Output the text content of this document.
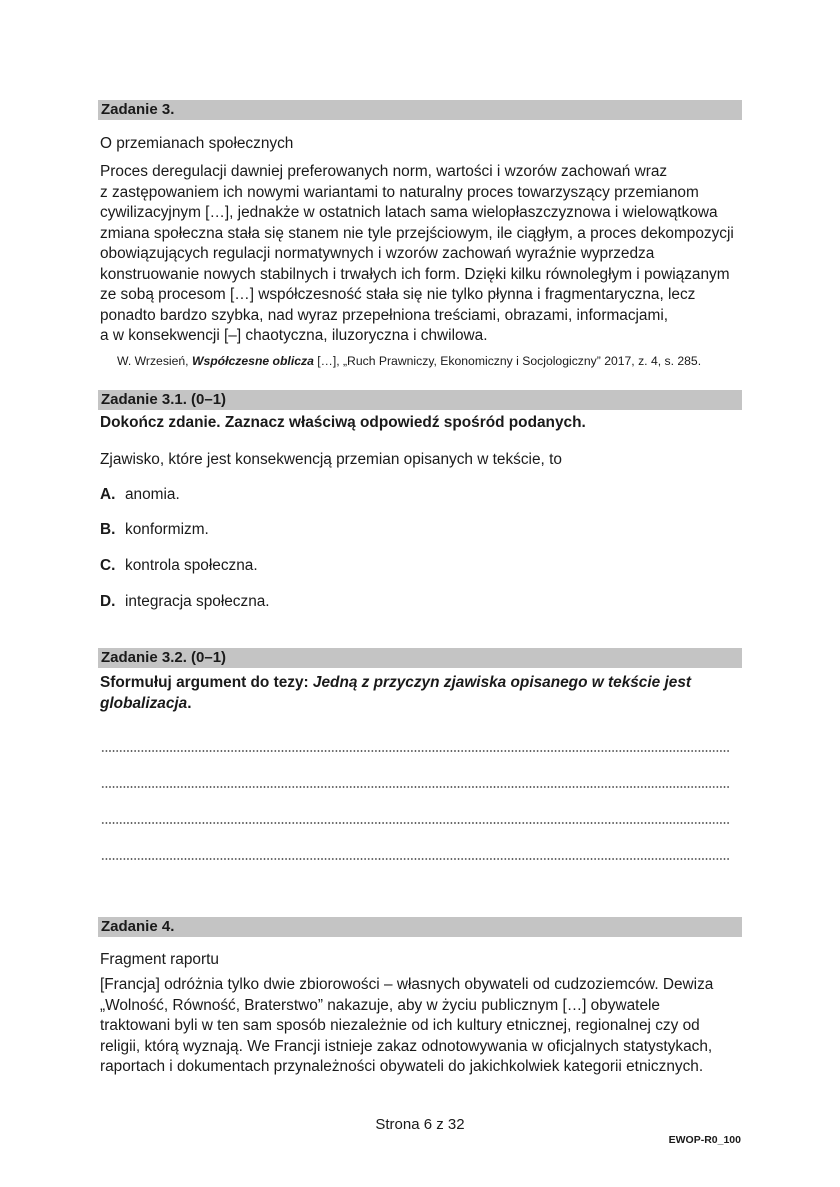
Zadanie 3.
O przemianach społecznych
Proces deregulacji dawniej preferowanych norm, wartości i wzorów zachowań wraz
z zastępowaniem ich nowymi wariantami to naturalny proces towarzyszący przemianom
cywilizacyjnym […], jednakże w ostatnich latach sama wielopłaszczyznowa i wielowątkowa
zmiana społeczna stała się stanem nie tyle przejściowym, ile ciągłym, a proces dekompozycji
obowiązujących regulacji normatywnych i wzorów zachowań wyraźnie wyprzedza
konstruowanie nowych stabilnych i trwałych ich form. Dzięki kilku równoległym i powiązanym
ze sobą procesom […] współczesność stała się nie tylko płynna i fragmentaryczna, lecz
ponadto bardzo szybka, nad wyraz przepełniona treściami, obrazami, informacjami,
a w konsekwencji [–] chaotyczna, iluzoryczna i chwilowa.
W. Wrzesień, Współczesne oblicza […], „Ruch Prawniczy, Ekonomiczny i Socjologiczny” 2017, z. 4, s. 285.
Zadanie 3.1. (0–1)
Dokończ zdanie. Zaznacz właściwą odpowiedź spośród podanych.
Zjawisko, które jest konsekwencją przemian opisanych w tekście, to
A. anomia.
B. konformizm.
C. kontrola społeczna.
D. integracja społeczna.
Zadanie 3.2. (0–1)
Sformułuj argument do tezy: Jedną z przyczyn zjawiska opisanego w tekście jest globalizacja.
Zadanie 4.
Fragment raportu
[Francja] odróżnia tylko dwie zbiorowości – własnych obywateli od cudzoziemców. Dewiza
„Wolność, Równość, Braterstwo” nakazuje, aby w życiu publicznym […] obywatele
traktowani byli w ten sam sposób niezależnie od ich kultury etnicznej, regionalnej czy od
religii, którą wyznają. We Francji istnieje zakaz odnotowywania w oficjalnych statystykach,
raportach i dokumentach przynależności obywateli do jakichkolwiek kategorii etnicznych.
Strona 6 z 32
EWOP-R0_100
